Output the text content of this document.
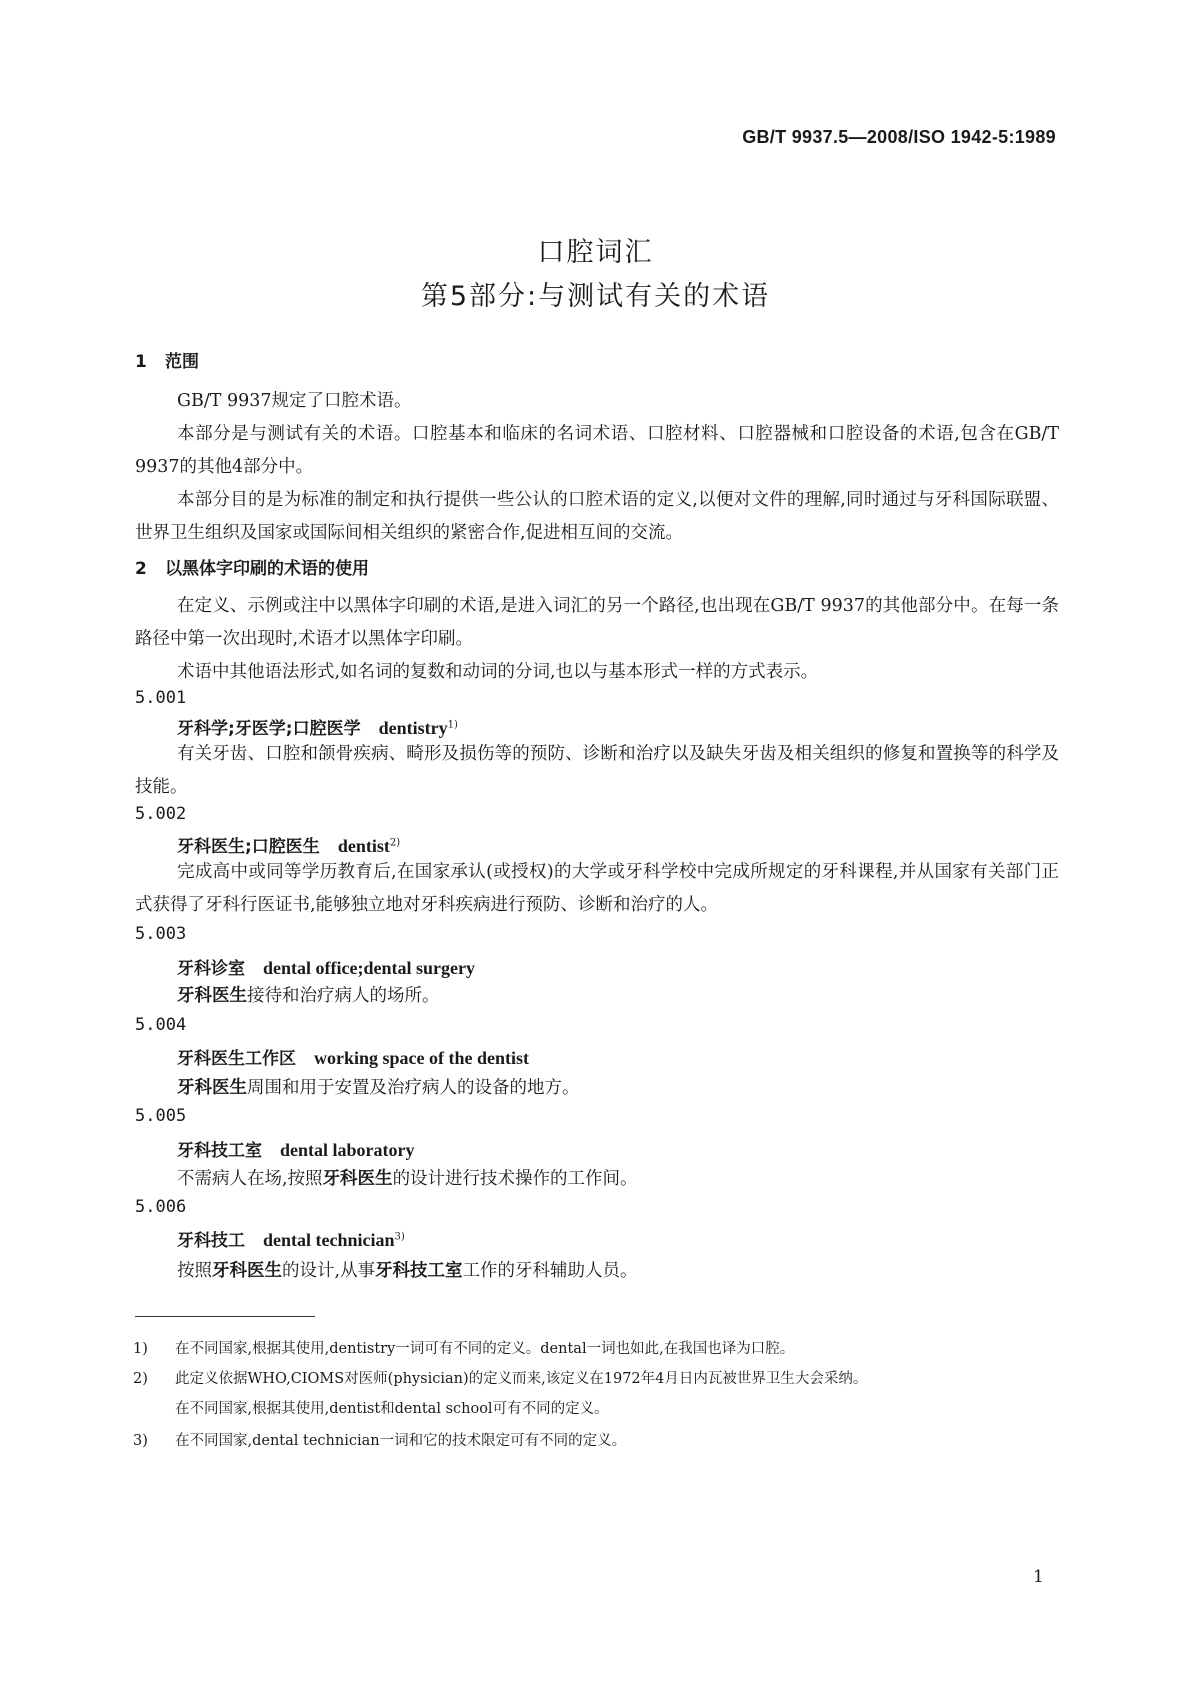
GB/T 9937.5—2008/ISO 1942-5:1989
口腔词汇
第5部分:与测试有关的术语
1 范围

GB/T 9937规定了口腔术语。

本部分是与测试有关的术语。口腔基本和临床的名词术语、口腔材料、口腔器械和口腔设备的术语,包含在GB/T 9937的其他4部分中。

本部分目的是为标准的制定和执行提供一些公认的口腔术语的定义,以便对文件的理解,同时通过与牙科国际联盟、世界卫生组织及国家或国际间相关组织的紧密合作,促进相互间的交流。

2 以黑体字印刷的术语的使用

在定义、示例或注中以黑体字印刷的术语,是进入词汇的另一个路径,也出现在GB/T 9937的其他部分中。在每一条路径中第一次出现时,术语才以黑体字印刷。

术语中其他语法形式,如名词的复数和动词的分词,也以与基本形式一样的方式表示。

5.001
牙科学;牙医学;口腔医学 dentistry$^{1)}$

有关牙齿、口腔和颌骨疾病、畸形及损伤等的预防、诊断和治疗以及缺失牙齿及相关组织的修复和置换等的科学及技能。

5.002
牙科医生;口腔医生 dentist$^{2)}$

完成高中或同等学历教育后,在国家承认(或授权)的大学或牙科学校中完成所规定的牙科课程,并从国家有关部门正式获得了牙科行医证书,能够独立地对牙科疾病进行预防、诊断和治疗的人。

5.003
牙科诊室 dental office;dental surgery

牙科医生接待和治疗病人的场所。

5.004
牙科医生工作区 working space of the dentist

牙科医生周围和用于安置及治疗病人的设备的地方。

5.005
牙科技工室 dental laboratory

不需病人在场,按照牙科医生的设计进行技术操作的工作间。

5.006
牙科技工 dental technician$^{3)}$

按照牙科医生的设计,从事牙科技工室工作的牙科辅助人员。

1) 在不同国家,根据其使用,dentistry一词可有不同的定义。dental一词也如此,在我国也译为口腔。
2) 此定义依据WHO,CIOMS对医师(physician)的定义而来,该定义在1972年4月日内瓦被世界卫生大会采纳。
在不同国家,根据其使用,dentist和dental school可有不同的定义。
3) 在不同国家,dental technician一词和它的技术限定可有不同的定义。
1
